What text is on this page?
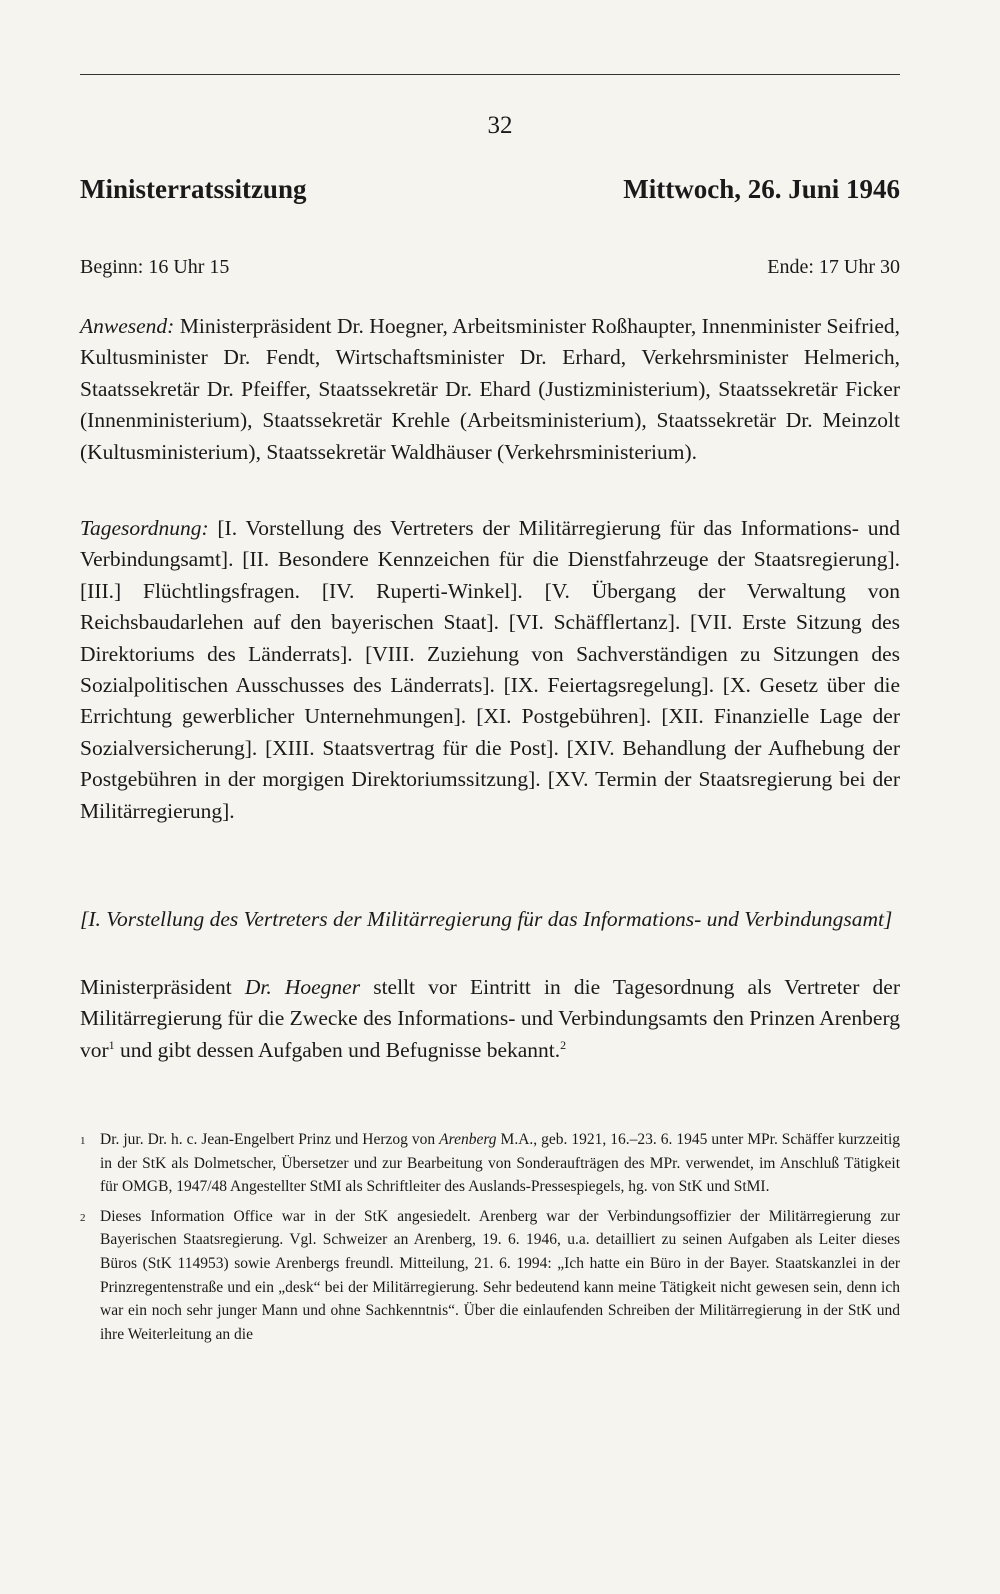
32
Ministerratssitzung	Mittwoch, 26. Juni 1946
Beginn: 16 Uhr 15	Ende: 17 Uhr 30
Anwesend: Ministerpräsident Dr. Hoegner, Arbeitsminister Roßhaupter, Innenminister Seifried, Kultusminister Dr. Fendt, Wirtschaftsminister Dr. Erhard, Verkehrsminister Helmerich, Staatssekretär Dr. Pfeiffer, Staatssekretär Dr. Ehard (Justizministerium), Staatssekretär Ficker (Innenministerium), Staatssekretär Krehle (Arbeitsministerium), Staatssekretär Dr. Meinzolt (Kultusministerium), Staatssekretär Waldhäuser (Verkehrsministerium).
Tagesordnung: [I. Vorstellung des Vertreters der Militärregierung für das Informations- und Verbindungsamt]. [II. Besondere Kennzeichen für die Dienstfahrzeuge der Staatsregierung]. [III.] Flüchtlingsfragen. [IV. Ruperti-Winkel]. [V. Übergang der Verwaltung von Reichsbaudarlehen auf den bayerischen Staat]. [VI. Schäfflertanz]. [VII. Erste Sitzung des Direktoriums des Länderrats]. [VIII. Zuziehung von Sachverständigen zu Sitzungen des Sozialpolitischen Ausschusses des Länderrats]. [IX. Feiertagsregelung]. [X. Gesetz über die Errichtung gewerblicher Unternehmungen]. [XI. Postgebühren]. [XII. Finanzielle Lage der Sozialversicherung]. [XIII. Staatsvertrag für die Post]. [XIV. Behandlung der Aufhebung der Postgebühren in der morgigen Direktoriumssitzung]. [XV. Termin der Staatsregierung bei der Militärregierung].
[I. Vorstellung des Vertreters der Militärregierung für das Informations- und Verbindungsamt]
Ministerpräsident Dr. Hoegner stellt vor Eintritt in die Tagesordnung als Vertreter der Militärregierung für die Zwecke des Informations- und Verbindungsamts den Prinzen Arenberg vor$^1$ und gibt dessen Aufgaben und Befugnisse bekannt.$^2$
1 Dr. jur. Dr. h. c. Jean-Engelbert Prinz und Herzog von Arenberg M.A., geb. 1921, 16.–23. 6. 1945 unter MPr. Schäffer kurzzeitig in der StK als Dolmetscher, Übersetzer und zur Bearbeitung von Sonderaufträgen des MPr. verwendet, im Anschluß Tätigkeit für OMGB, 1947/48 Angestellter StMI als Schriftleiter des Auslands-Pressespiegels, hg. von StK und StMI.
2 Dieses Information Office war in der StK angesiedelt. Arenberg war der Verbindungsoffizier der Militärregierung zur Bayerischen Staatsregierung. Vgl. Schweizer an Arenberg, 19. 6. 1946, u.a. detailliert zu seinen Aufgaben als Leiter dieses Büros (StK 114953) sowie Arenbergs freundl. Mitteilung, 21. 6. 1994: „Ich hatte ein Büro in der Bayer. Staatskanzlei in der Prinzregentenstraße und ein „desk“ bei der Militärregierung. Sehr bedeutend kann meine Tätigkeit nicht gewesen sein, denn ich war ein noch sehr junger Mann und ohne Sachkenntnis“. Über die einlaufenden Schreiben der Militärregierung in der StK und ihre Weiterleitung an die
